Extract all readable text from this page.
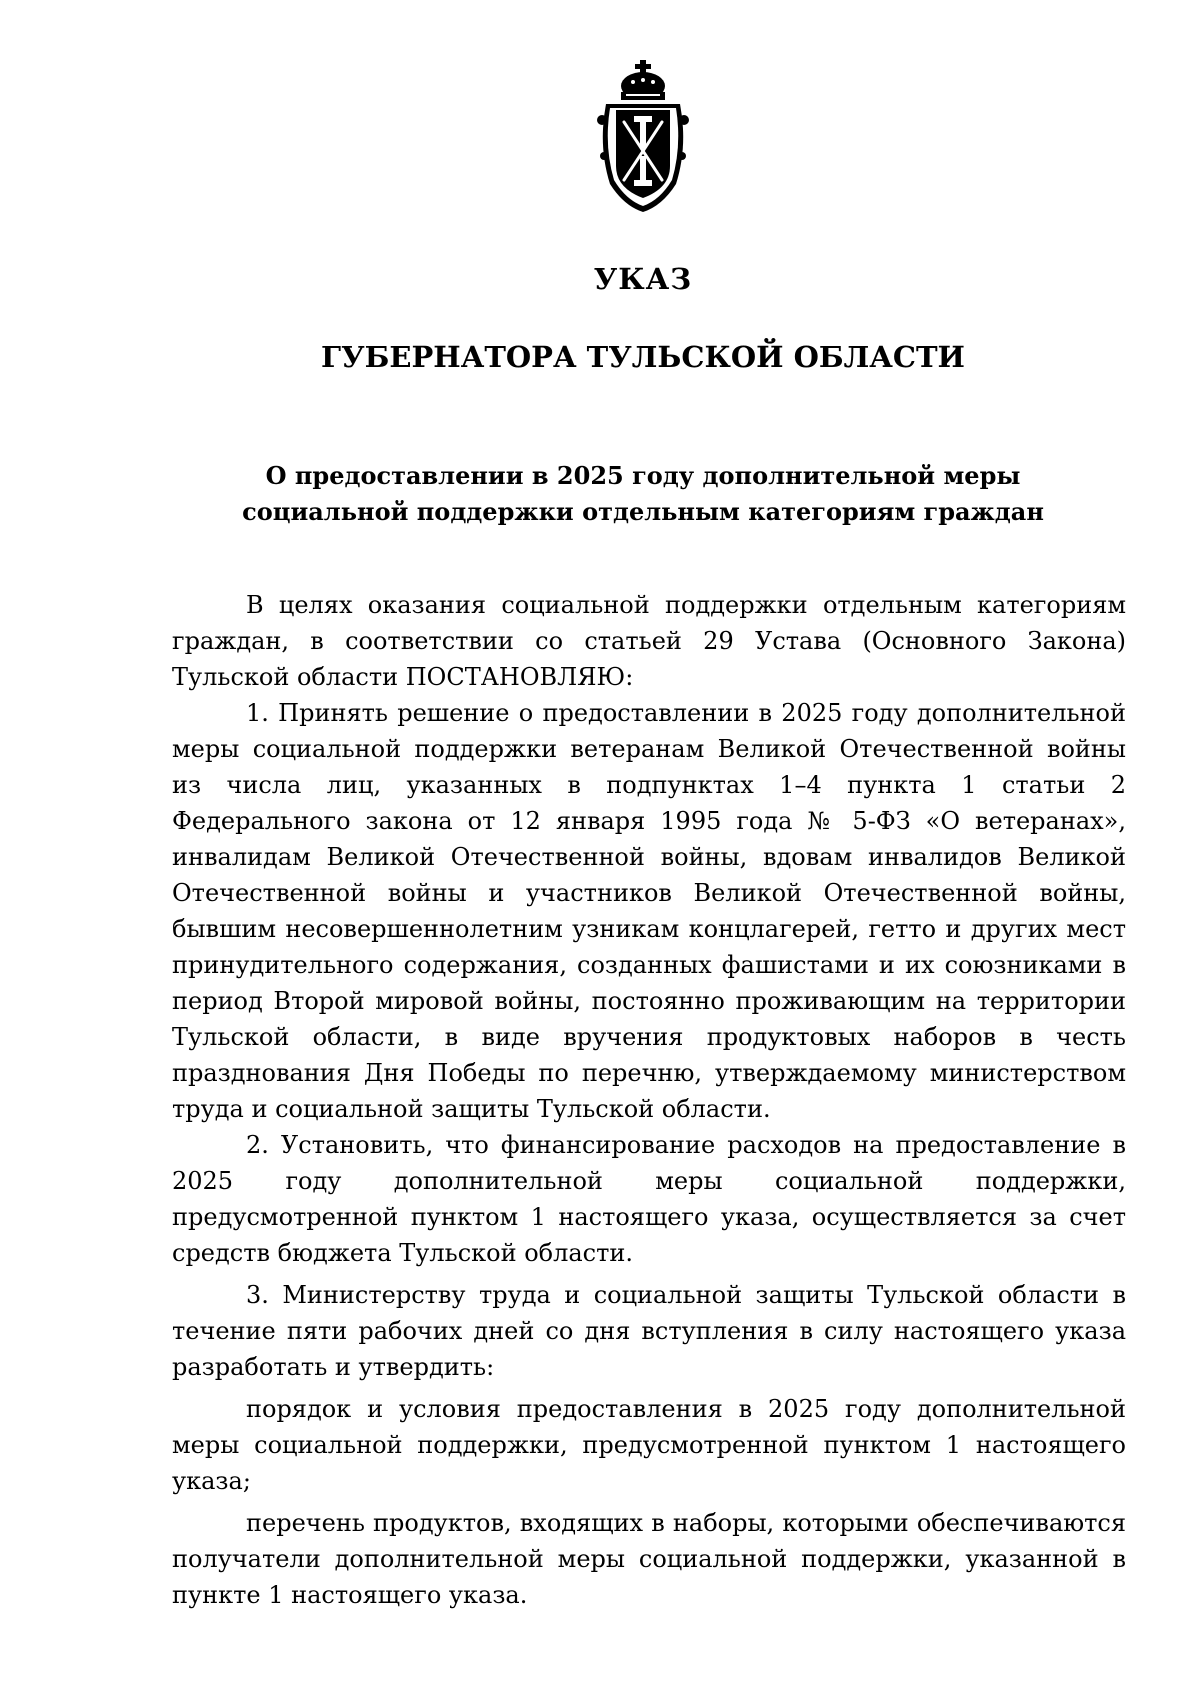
УКАЗ
ГУБЕРНАТОРА ТУЛЬСКОЙ ОБЛАСТИ
О предоставлении в 2025 году дополнительной меры
социальной поддержки отдельным категориям граждан

В целях оказания социальной поддержки отдельным категориям граждан, в соответствии со статьей 29 Устава (Основного Закона) Тульской области ПОСТАНОВЛЯЮ:

1. Принять решение о предоставлении в 2025 году дополнительной меры социальной поддержки ветеранам Великой Отечественной войны из числа лиц, указанных в подпунктах 1–4 пункта 1 статьи 2 Федерального закона от 12 января 1995 года № 5-ФЗ «О ветеранах», инвалидам Великой Отечественной войны, вдовам инвалидов Великой Отечественной войны и участников Великой Отечественной войны, бывшим несовершеннолетним узникам концлагерей, гетто и других мест принудительного содержания, созданных фашистами и их союзниками в период Второй мировой войны, постоянно проживающим на территории Тульской области, в виде вручения продуктовых наборов в честь празднования Дня Победы по перечню, утверждаемому министерством труда и социальной защиты Тульской области.

2. Установить, что финансирование расходов на предоставление в 2025 году дополнительной меры социальной поддержки, предусмотренной пунктом 1 настоящего указа, осуществляется за счет средств бюджета Тульской области.

3. Министерству труда и социальной защиты Тульской области в течение пяти рабочих дней со дня вступления в силу настоящего указа разработать и утвердить:

порядок и условия предоставления в 2025 году дополнительной меры социальной поддержки, предусмотренной пунктом 1 настоящего указа;

перечень продуктов, входящих в наборы, которыми обеспечиваются получатели дополнительной меры социальной поддержки, указанной в пункте 1 настоящего указа.
